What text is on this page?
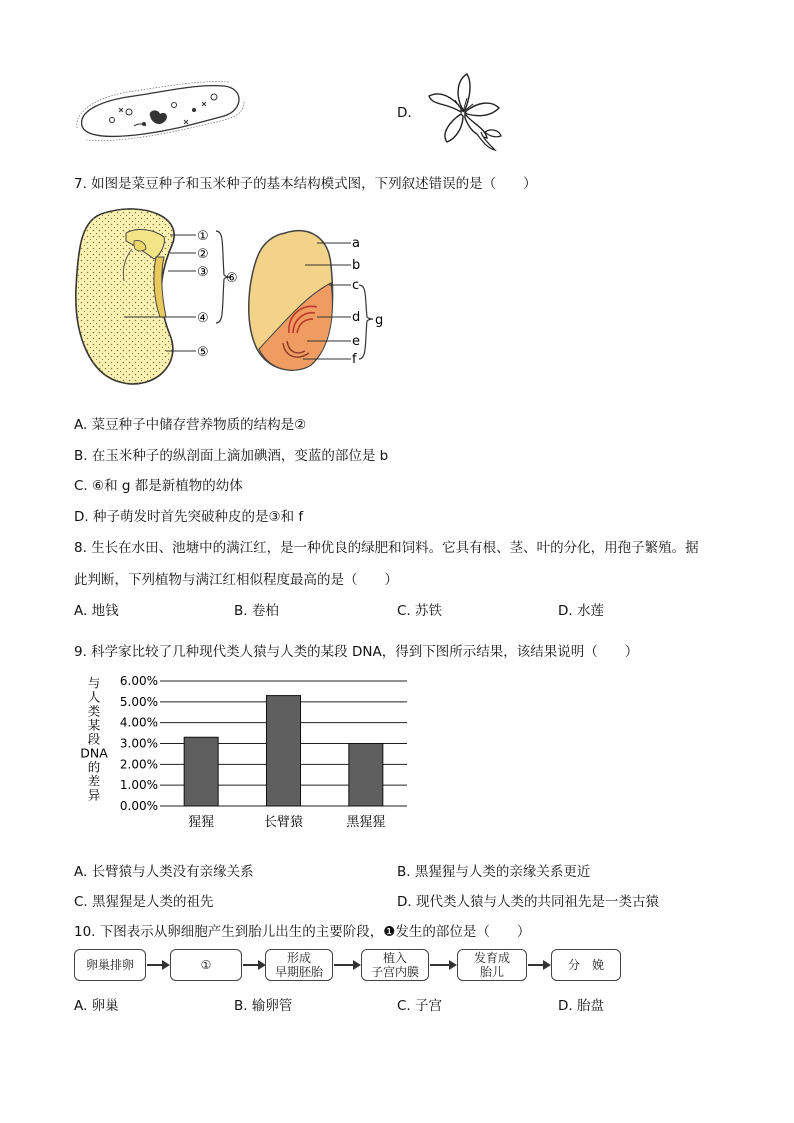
D.
7. 如图是菜豆种子和玉米种子的基本结构模式图，下列叙述错误的是（　　）
①
②
③
④
⑤
⑥
a
b
c
d
e
f
g
A. 菜豆种子中储存营养物质的结构是②
B. 在玉米种子的纵剖面上滴加碘酒，变蓝的部位是 b
C. ⑥和 g 都是新植物的幼体
D. 种子萌发时首先突破种皮的是③和 f
8. 生长在水田、池塘中的满江红，是一种优良的绿肥和饲料。它具有根、茎、叶的分化，用孢子繁殖。据
此判断，下列植物与满江红相似程度最高的是（　　）
A. 地钱	B. 卷柏	C. 苏铁	D. 水莲
9. 科学家比较了几种现代类人猿与人类的某段 DNA，得到下图所示结果，该结果说明（　　）
与
人
类
某
段
DNA
的
差
异
0.00%
1.00%
2.00%
3.00%
4.00%
5.00%
6.00%
猩猩	长臂猿	黑猩猩
A. 长臂猿与人类没有亲缘关系	B. 黑猩猩与人类的亲缘关系更近
C. 黑猩猩是人类的祖先	D. 现代类人猿与人类的共同祖先是一类古猿
10. 下图表示从卵细胞产生到胎儿出生的主要阶段，❶发生的部位是（　　）
卵巢排卵	①	形成
早期胚胎
植入
子宫内膜
发育成
胎儿	分　娩
A. 卵巢	B. 输卵管	C. 子宫	D. 胎盘
